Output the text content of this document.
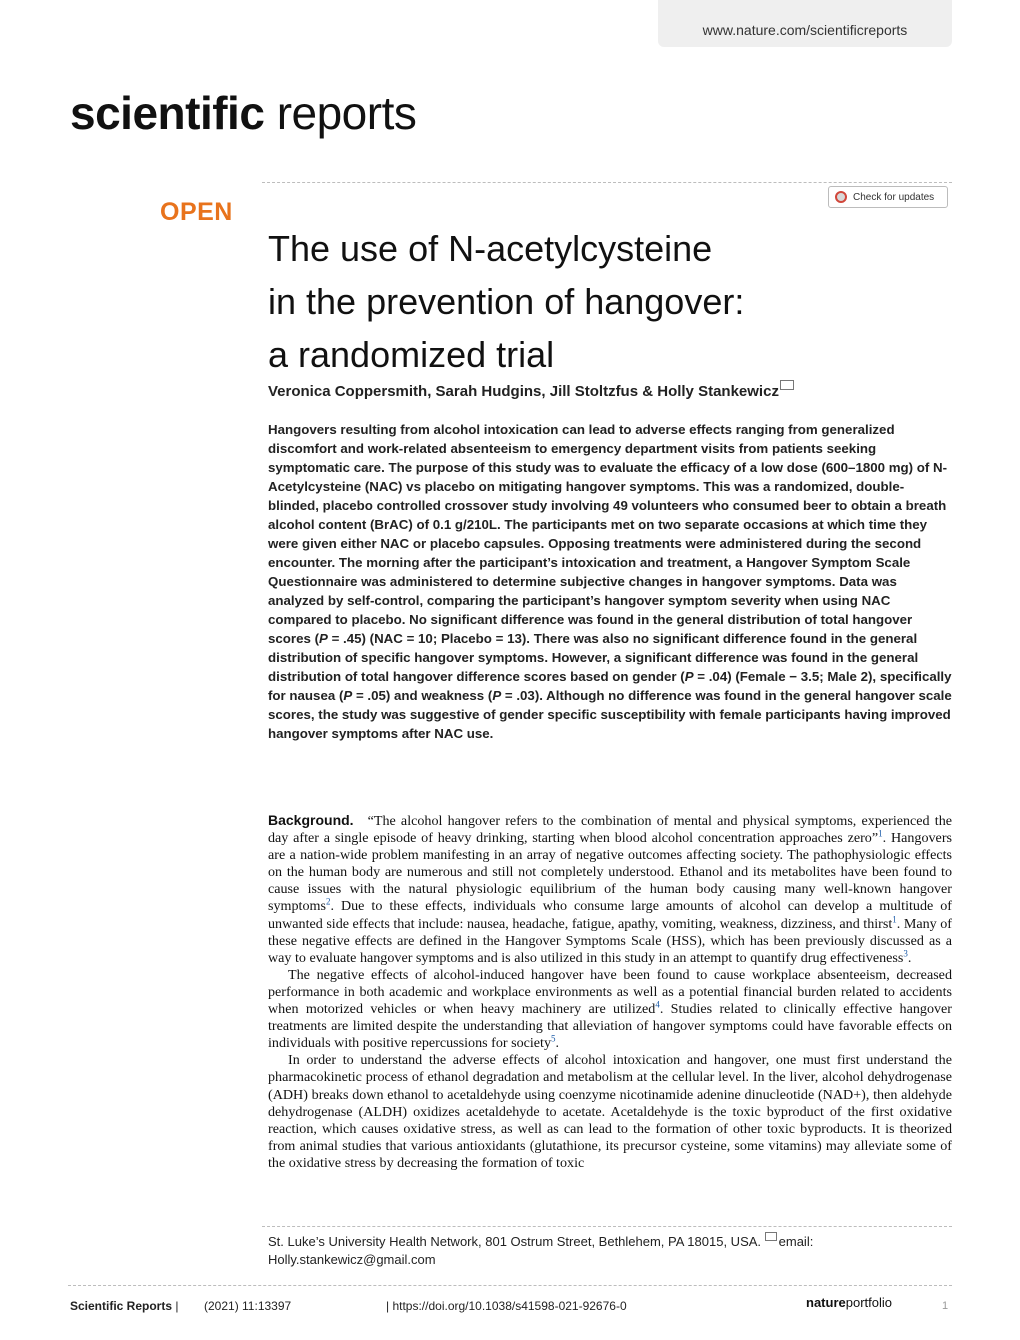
www.nature.com/scientificreports
scientific reports
Check for updates
OPEN
The use of N-acetylcysteine
in the prevention of hangover:
a randomized trial
Veronica Coppersmith, Sarah Hudgins, Jill Stoltzfus & Holly Stankewicz

Hangovers resulting from alcohol intoxication can lead to adverse effects ranging from generalized discomfort and work-related absenteeism to emergency department visits from patients seeking symptomatic care. The purpose of this study was to evaluate the efficacy of a low dose (600–1800 mg) of N-Acetylcysteine (NAC) vs placebo on mitigating hangover symptoms. This was a randomized, double-blinded, placebo controlled crossover study involving 49 volunteers who consumed beer to obtain a breath alcohol content (BrAC) of 0.1 g/210L. The participants met on two separate occasions at which time they were given either NAC or placebo capsules. Opposing treatments were administered during the second encounter. The morning after the participant’s intoxication and treatment, a Hangover Symptom Scale Questionnaire was administered to determine subjective changes in hangover symptoms. Data was analyzed by self-control, comparing the participant’s hangover symptom severity when using NAC compared to placebo. No significant difference was found in the general distribution of total hangover scores (P = .45) (NAC = 10; Placebo = 13). There was also no significant difference found in the general distribution of specific hangover symptoms. However, a significant difference was found in the general distribution of total hangover difference scores based on gender (P = .04) (Female − 3.5; Male 2), specifically for nausea (P = .05) and weakness (P = .03). Although no difference was found in the general hangover scale scores, the study was suggestive of gender specific susceptibility with female participants having improved hangover symptoms after NAC use.

Background. “The alcohol hangover refers to the combination of mental and physical symptoms, experienced the day after a single episode of heavy drinking, starting when blood alcohol concentration approaches zero”$^1$. Hangovers are a nation-wide problem manifesting in an array of negative outcomes affecting society. The pathophysiologic effects on the human body are numerous and still not completely understood. Ethanol and its metabolites have been found to cause issues with the natural physiologic equilibrium of the human body causing many well-known hangover symptoms$^2$. Due to these effects, individuals who consume large amounts of alcohol can develop a multitude of unwanted side effects that include: nausea, headache, fatigue, apathy, vomiting, weakness, dizziness, and thirst$^1$. Many of these negative effects are defined in the Hangover Symptoms Scale (HSS), which has been previously discussed as a way to evaluate hangover symptoms and is also utilized in this study in an attempt to quantify drug effectiveness$^3$.

The negative effects of alcohol-induced hangover have been found to cause workplace absenteeism, decreased performance in both academic and workplace environments as well as a potential financial burden related to accidents when motorized vehicles or when heavy machinery are utilized$^4$. Studies related to clinically effective hangover treatments are limited despite the understanding that alleviation of hangover symptoms could have favorable effects on individuals with positive repercussions for society$^5$.

In order to understand the adverse effects of alcohol intoxication and hangover, one must first understand the pharmacokinetic process of ethanol degradation and metabolism at the cellular level. In the liver, alcohol dehydrogenase (ADH) breaks down ethanol to acetaldehyde using coenzyme nicotinamide adenine dinucleotide (NAD+), then aldehyde dehydrogenase (ALDH) oxidizes acetaldehyde to acetate. Acetaldehyde is the toxic byproduct of the first oxidative reaction, which causes oxidative stress, as well as can lead to the formation of other toxic byproducts. It is theorized from animal studies that various antioxidants (glutathione, its precursor cysteine, some vitamins) may alleviate some of the oxidative stress by decreasing the formation of toxic

St. Luke’s University Health Network, 801 Ostrum Street, Bethlehem, PA 18015, USA. email: Holly.stankewicz@gmail.com
Scientific Reports | (2021) 11:13397	| https://doi.org/10.1038/s41598-021-92676-0	natureportfolio	1
